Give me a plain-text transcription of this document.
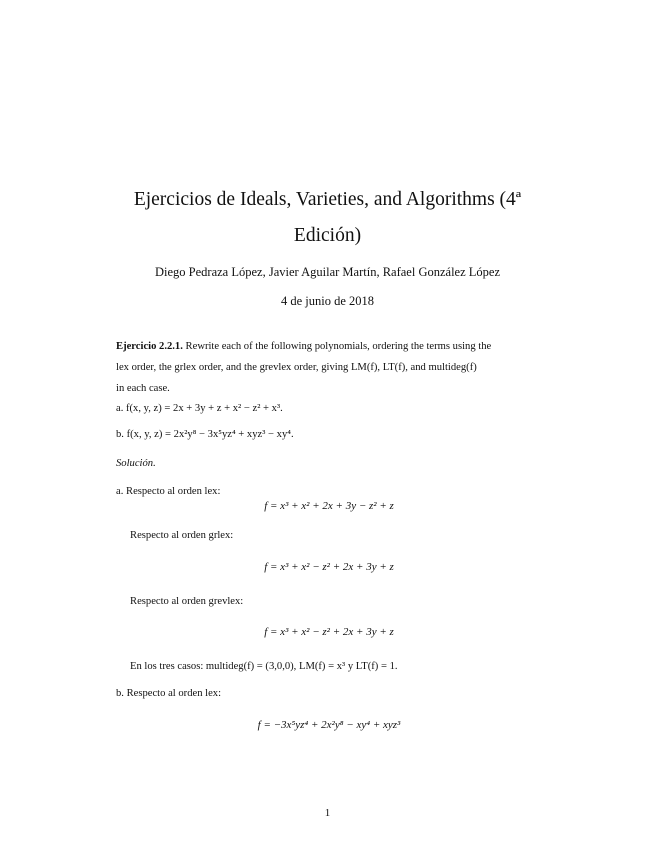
Ejercicios de Ideals, Varieties, and Algorithms (4ª
Edición)
Diego Pedraza López, Javier Aguilar Martín, Rafael González López
4 de junio de 2018
Ejercicio 2.2.1. Rewrite each of the following polynomials, ordering the terms using the
lex order, the grlex order, and the grevlex order, giving LM(f), LT(f), and multideg(f)
in each case.
a. f(x, y, z) = 2x + 3y + z + x² − z² + x³.
b. f(x, y, z) = 2x²y⁸ − 3x⁵yz⁴ + xyz³ − xy⁴.
Solución.
a. Respecto al orden lex:
f = x³ + x² + 2x + 3y − z² + z
Respecto al orden grlex:
f = x³ + x² − z² + 2x + 3y + z
Respecto al orden grevlex:
f = x³ + x² − z² + 2x + 3y + z
En los tres casos: multideg(f) = (3,0,0), LM(f) = x³ y LT(f) = 1.
b. Respecto al orden lex:
f = −3x⁵yz⁴ + 2x²y⁸ − xy⁴ + xyz³
1
